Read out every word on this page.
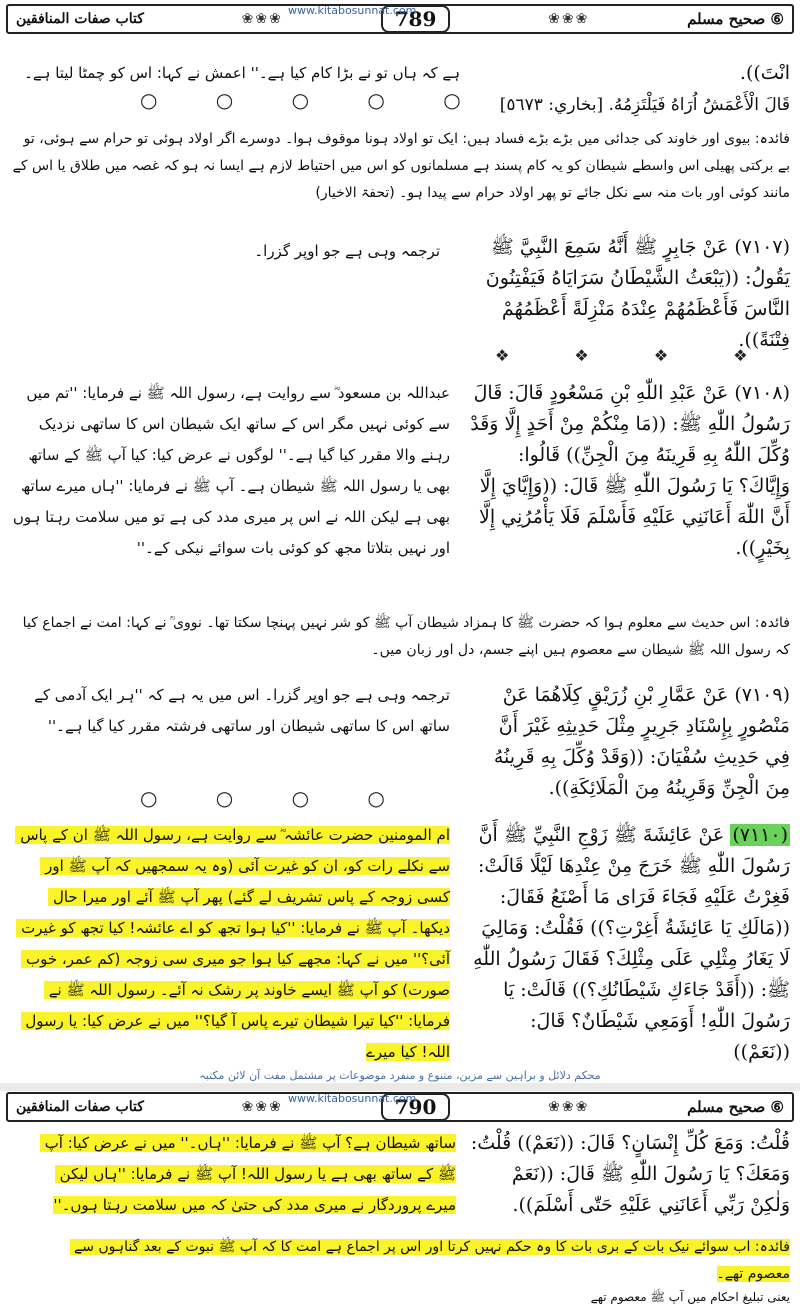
کتاب صفات المنافقین	❀❀❀	789	❀❀❀	صحیح مسلم ⑥
www.kitabosunnat.com
انْتَ)).
ہے کہ ہاں تو نے بڑا کام کیا ہے۔'' اعمش نے کہا: اس کو چمٹا لیتا ہے۔
قَالَ الْأَعْمَشُ اُرَاهُ فَيَلْتَزِمُهُ. [بخاري: ٥٦٧٣]
○ ○ ○ ○ ○
فائدہ: بیوی اور خاوند کی جدائی میں بڑے بڑے فساد ہیں: ایک تو اولاد ہونا موقوف ہوا۔ دوسرے اگر اولاد ہوئی تو حرام سے ہوئی، تو بے برکتی پھیلی اس واسطے شیطان کو یہ کام پسند ہے مسلمانوں کو اس میں احتیاط لازم ہے ایسا نہ ہو کہ غصہ میں طلاق یا اس کے مانند کوئی اور بات منہ سے نکل جائے تو پھر اولاد حرام سے پیدا ہو۔ (تحفۃ الاخیار)
(٧١٠٧) عَنْ جَابِرٍ ﷺ أَنَّهُ سَمِعَ النَّبِيَّ ﷺ يَقُولُ: ((يَبْعَثُ الشَّيْطَانُ سَرَايَاهُ فَيَفْتِنُونَ النَّاسَ فَأَعْظَمُهُمْ عِنْدَهُ مَنْزِلَةً أَعْظَمُهُمْ فِتْنَةً)).
ترجمہ وہی ہے جو اوپر گزرا۔
❖ ❖ ❖ ❖
(٧١٠٨) عَنْ عَبْدِ اللّٰهِ بْنِ مَسْعُودٍ قَالَ: قَالَ رَسُولُ اللّٰهِ ﷺ: ((مَا مِنْكُمْ مِنْ أَحَدٍ إِلَّا وَقَدْ وُكِّلَ اللّٰهُ بِهِ قَرِينَهُ مِنَ الْجِنِّ)) قَالُوا: وَإِيَّاكَ؟ يَا رَسُولَ اللّٰهِ ﷺ قَالَ: ((وَإِيَّايَ إِلَّا أَنَّ اللّٰهَ أَعَانَنِي عَلَيْهِ فَأَسْلَمَ فَلَا يَأْمُرُنِي إِلَّا بِخَيْرٍ)).
عبداللہ بن مسعود ؓ سے روایت ہے، رسول اللہ ﷺ نے فرمایا: ''تم میں سے کوئی نہیں مگر اس کے ساتھ ایک شیطان اس کا ساتھی نزدیک رہنے والا مقرر کیا گیا ہے۔'' لوگوں نے عرض کیا: کیا آپ ﷺ کے ساتھ بھی یا رسول اللہ ﷺ شیطان ہے۔ آپ ﷺ نے فرمایا: ''ہاں میرے ساتھ بھی ہے لیکن اللہ نے اس پر میری مدد کی ہے تو میں سلامت رہتا ہوں اور نہیں بتلاتا مجھ کو کوئی بات سوائے نیکی کے۔''
فائدہ: اس حدیث سے معلوم ہوا کہ حضرت ﷺ کا ہمزاد شیطان آپ ﷺ کو شر نہیں پہنچا سکتا تھا۔ نووی ؒ نے کہا: امت نے اجماع کیا کہ رسول اللہ ﷺ شیطان سے معصوم ہیں اپنے جسم، دل اور زبان میں۔
(٧١٠٩) عَنْ عَمَّارِ بْنِ زُرَيْقٍ كِلَاهُمَا عَنْ مَنْصُورٍ بِإِسْنَادِ جَرِيرٍ مِثْلَ حَدِيثِهِ غَيْرَ أَنَّ فِي حَدِيثِ سُفْيَانَ: ((وَقَدْ وُكِّلَ بِهِ قَرِينُهُ مِنَ الْجِنِّ وَقَرِينُهُ مِنَ الْمَلَائِكَةِ)).
ترجمہ وہی ہے جو اوپر گزرا۔ اس میں یہ ہے کہ ''ہر ایک آدمی کے ساتھ اس کا ساتھی شیطان اور ساتھی فرشتہ مقرر کیا گیا ہے۔''
○ ○ ○ ○
(٧١١٠) عَنْ عَائِشَةَ ﷺ زَوْجِ النَّبِيِّ ﷺ أَنَّ رَسُولَ اللّٰهِ ﷺ خَرَجَ مِنْ عِنْدِهَا لَيْلًا قَالَتْ: فَغِرْتُ عَلَيْهِ فَجَاءَ فَرَاى مَا أَصْنَعُ فَقَالَ: ((مَالَكِ يَا عَائِشَةُ أَغِرْتِ؟)) فَقُلْتُ: وَمَالِيَ لَا يَغَارُ مِثْلِي عَلَى مِثْلِكَ؟ فَقَالَ رَسُولُ اللّٰهِ ﷺ: ((أَقَدْ جَاءَكِ شَيْطَانُكِ؟)) قَالَتْ: يَا رَسُولَ اللّٰهِ! أَوَمَعِي شَيْطَانٌ؟ قَالَ: ((نَعَمْ))
ام المومنین حضرت عائشہ ؓ سے روایت ہے، رسول اللہ ﷺ ان کے پاس سے نکلے رات کو، ان کو غیرت آئی (وہ یہ سمجھیں کہ آپ ﷺ اور کسی زوجہ کے پاس تشریف لے گئے) پھر آپ ﷺ آئے اور میرا حال دیکھا۔ آپ ﷺ نے فرمایا: ''کیا ہوا تجھ کو اے عائشہ! کیا تجھ کو غیرت آئی؟'' میں نے کہا: مجھے کیا ہوا جو میری سی زوجہ (کم عمر، خوب صورت) کو آپ ﷺ ایسے خاوند پر رشک نہ آئے۔ رسول اللہ ﷺ نے فرمایا: ''کیا تیرا شیطان تیرے پاس آ گیا؟'' میں نے عرض کیا: یا رسول اللہ! کیا میرے
محکم دلائل و براہین سے مزین، متنوع و منفرد موضوعات پر مشتمل مفت آن لائن مکتبہ
کتاب صفات المنافقین	❀❀❀	790	❀❀❀	صحیح مسلم ⑥
www.kitabosunnat.com
قُلْتُ: وَمَعَ كُلِّ إِنْسَانٍ؟ قَالَ: ((نَعَمْ)) قُلْتُ: وَمَعَكَ؟ يَا رَسُولَ اللّٰهِ ﷺ قَالَ: ((نَعَمْ وَلٰكِنْ رَبِّي أَعَانَنِي عَلَيْهِ حَتّٰى أَسْلَمَ)).
ساتھ شیطان ہے؟ آپ ﷺ نے فرمایا: ''ہاں۔'' میں نے عرض کیا: آپ ﷺ کے ساتھ بھی ہے یا رسول اللہ! آپ ﷺ نے فرمایا: ''ہاں لیکن میرے پروردگار نے میری مدد کی حتیٰ کہ میں سلامت رہتا ہوں۔''
فائدہ: اب سوائے نیک بات کے بری بات کا وہ حکم نہیں کرتا اور اس پر اجماع ہے امت کا کہ آپ ﷺ نبوت کے بعد گناہوں سے معصوم تھے۔
یعنی تبلیغ احکام میں آپ ﷺ معصوم تھے
